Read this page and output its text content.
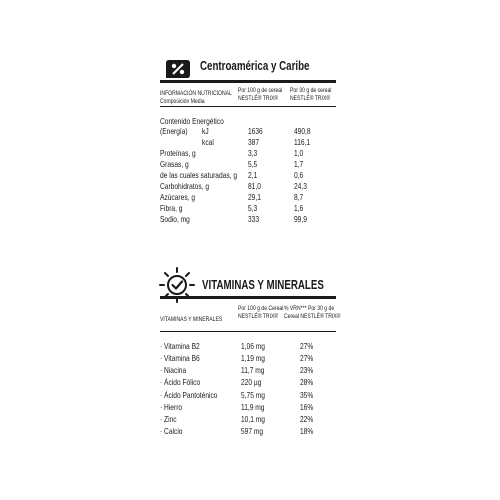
Centroamérica y Caribe
INFORMACIÓN NUTRICIONAL
Composición Media
Por 100 g de cereal
NESTLÉ® TRIX®
Por 30 g de cereal
NESTLÉ® TRIX®
Contenido Energético
(Energía) kJ	1636	490,8
kcal	387	116,1
Proteínas, g	3,3	1,0
Grasas, g	5,5	1,7
de las cuales saturadas, g 2,1	0,6
Carbohidratos, g	81,0	24,3
Azúcares, g	29,1	8,7
Fibra, g	5,3	1,6
Sodio, mg	333	99,9
VITAMINAS Y MINERALES
VITAMINAS Y MINERALES
Por 100 g de Cereal
NESTLÉ® TRIX®
% VRN*** Por 30 g de
Cereal NESTLÉ® TRIX®
· Vitamina B2	1,06 mg	27%
· Vitamina B6	1,19 mg	27%
· Niacina	11,7 mg	23%
· Ácido Fólico	220 µg	28%
· Ácido Pantoténico	5,75 mg	35%
· Hierro	11,9 mg	16%
· Zinc	10,1 mg	22%
· Calcio	597 mg	18%
